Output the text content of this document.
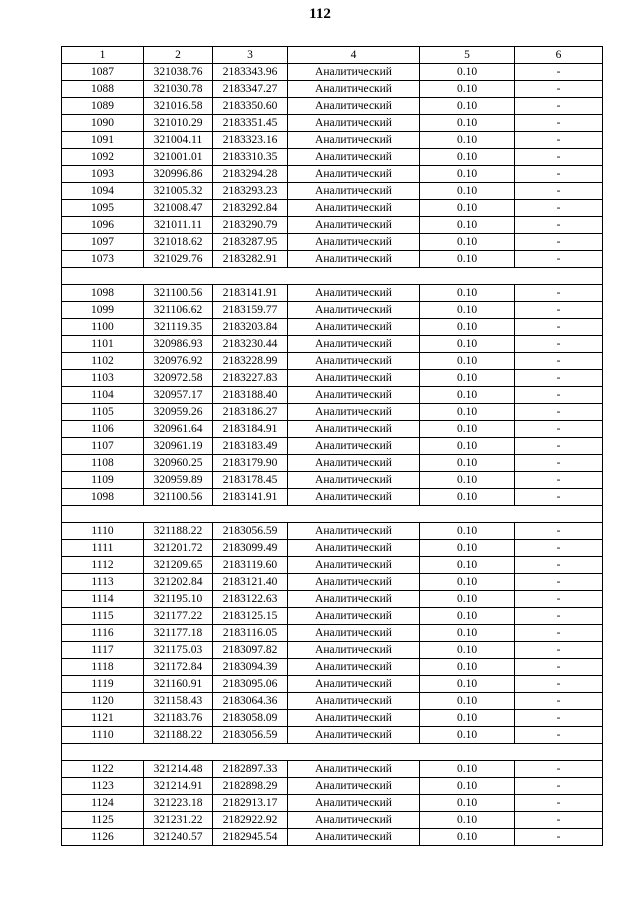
112
1	2	3	4	5	6
1087	321038.76	2183343.96	Аналитический	0.10	-
1088	321030.78	2183347.27	Аналитический	0.10	-
1089	321016.58	2183350.60	Аналитический	0.10	-
1090	321010.29	2183351.45	Аналитический	0.10	-
1091	321004.11	2183323.16	Аналитический	0.10	-
1092	321001.01	2183310.35	Аналитический	0.10	-
1093	320996.86	2183294.28	Аналитический	0.10	-
1094	321005.32	2183293.23	Аналитический	0.10	-
1095	321008.47	2183292.84	Аналитический	0.10	-
1096	321011.11	2183290.79	Аналитический	0.10	-
1097	321018.62	2183287.95	Аналитический	0.10	-
1073	321029.76	2183282.91	Аналитический	0.10	-

1098	321100.56	2183141.91	Аналитический	0.10	-
1099	321106.62	2183159.77	Аналитический	0.10	-
1100	321119.35	2183203.84	Аналитический	0.10	-
1101	320986.93	2183230.44	Аналитический	0.10	-
1102	320976.92	2183228.99	Аналитический	0.10	-
1103	320972.58	2183227.83	Аналитический	0.10	-
1104	320957.17	2183188.40	Аналитический	0.10	-
1105	320959.26	2183186.27	Аналитический	0.10	-
1106	320961.64	2183184.91	Аналитический	0.10	-
1107	320961.19	2183183.49	Аналитический	0.10	-
1108	320960.25	2183179.90	Аналитический	0.10	-
1109	320959.89	2183178.45	Аналитический	0.10	-
1098	321100.56	2183141.91	Аналитический	0.10	-

1110	321188.22	2183056.59	Аналитический	0.10	-
1111	321201.72	2183099.49	Аналитический	0.10	-
1112	321209.65	2183119.60	Аналитический	0.10	-
1113	321202.84	2183121.40	Аналитический	0.10	-
1114	321195.10	2183122.63	Аналитический	0.10	-
1115	321177.22	2183125.15	Аналитический	0.10	-
1116	321177.18	2183116.05	Аналитический	0.10	-
1117	321175.03	2183097.82	Аналитический	0.10	-
1118	321172.84	2183094.39	Аналитический	0.10	-
1119	321160.91	2183095.06	Аналитический	0.10	-
1120	321158.43	2183064.36	Аналитический	0.10	-
1121	321183.76	2183058.09	Аналитический	0.10	-
1110	321188.22	2183056.59	Аналитический	0.10	-

1122	321214.48	2182897.33	Аналитический	0.10	-
1123	321214.91	2182898.29	Аналитический	0.10	-
1124	321223.18	2182913.17	Аналитический	0.10	-
1125	321231.22	2182922.92	Аналитический	0.10	-
1126	321240.57	2182945.54	Аналитический	0.10	-
